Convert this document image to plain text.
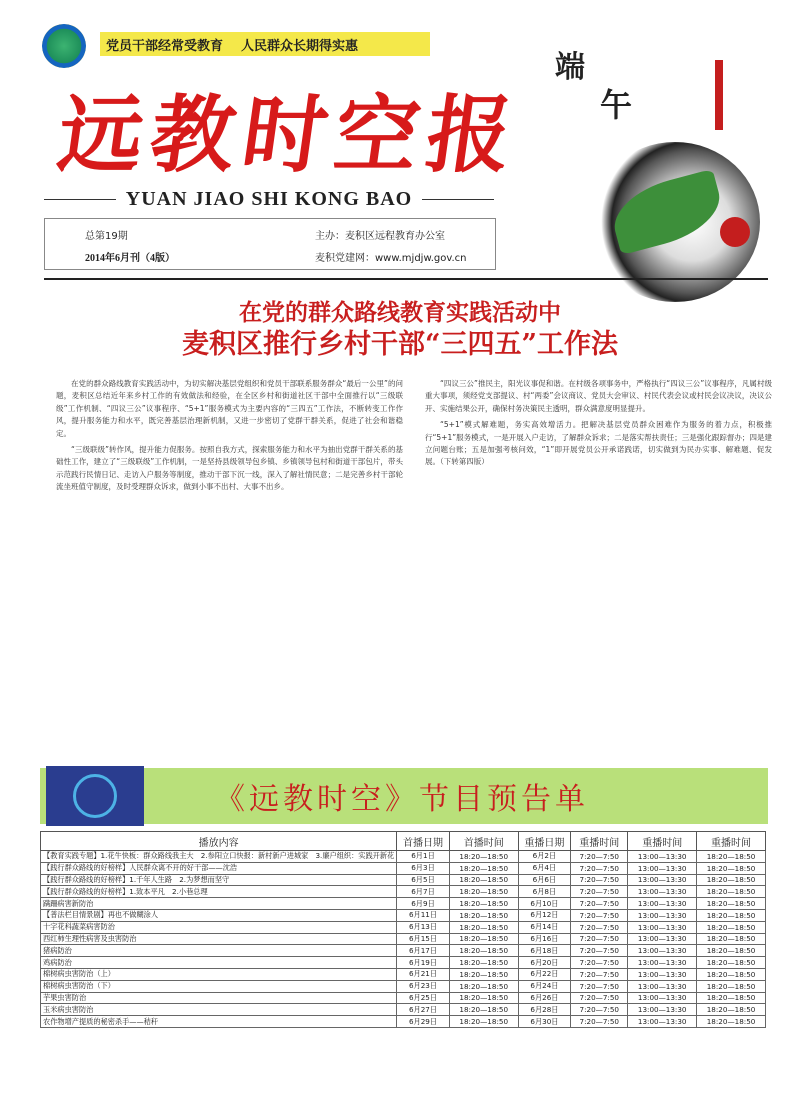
党员干部经常受教育 人民群众长期得实惠
远教时空报
YUAN JIAO SHI KONG BAO
总第19期
2014年6月刊（4版）
主办：麦积区远程教育办公室
麦积党建网：www.mjdjw.gov.cn
端
午
在党的群众路线教育实践活动中
麦积区推行乡村干部“三四五”工作法

在党的群众路线教育实践活动中，为切实解决基层党组织和党员干部联系服务群众“最后一公里”的问题，麦积区总结近年来乡村工作的有效做法和经验，在全区乡村和街道社区干部中全面推行以“三级联级”工作机制、“四议三公”议事程序、“5+1”服务模式为主要内容的“三四五”工作法，不断转变工作作风，提升服务能力和水平，既完善基层治理新机制，又进一步密切了党群干群关系，促进了社会和谐稳定。

“三级联级”转作风，提升能力促服务。按照自我方式，探索服务能力和水平为抽出党群干群关系的基础性工作，建立了“三级联级”工作机制，一是坚持县级领导包乡镇、乡镇领导包村和街道干部包片，带头示范践行民情日记、走访入户服务等制度，推动干部下沉一线，深入了解社情民意；二是完善乡村干部轮流坐班值守制度，及时受理群众诉求，做到小事不出村、大事不出乡。

“四议三公”推民主，阳光议事促和谐。在村级各项事务中，严格执行“四议三公”议事程序，凡属村级重大事项，须经党支部提议、村“两委”会议商议、党员大会审议、村民代表会议或村民会议决议，决议公开、实施结果公开，确保村务决策民主透明，群众满意度明显提升。

“5+1”模式解难题，务实高效增活力。把解决基层党员群众困难作为服务的着力点，积极推行“5+1”服务模式，一是开展入户走访，了解群众诉求；二是落实帮扶责任；三是强化跟踪督办；四是建立问题台账；五是加强考核问效，“1”即开展党员公开承诺践诺，切实做到为民办实事、解难题、促发展。（下转第四版）

《远教时空》节目预告单
播放内容	首播日期	首播时间	重播日期	重播时间	重播时间	重播时间
【教育实践专题】1.花牛快板：群众路线我主大　2.参阳立口快报：新村新户进城家　3.廉户组织：实践开新花	6月1日	18:20—18:50	6月2日	7:20—7:50	13:00—13:30	18:20—18:50
【践行群众路线的好榜样】人民群众离不开的好干部——沈浩	6月3日	18:20—18:50	6月4日	7:20—7:50	13:00—13:30	18:20—18:50
【践行群众路线的好榜样】1.千年人生路　2.为梦想而坚守	6月5日	18:20—18:50	6月6日	7:20—7:50	13:00—13:30	18:20—18:50
【践行群众路线的好榜样】1.致本平凡　2.小巷总理	6月7日	18:20—18:50	6月8日	7:20—7:50	13:00—13:30	18:20—18:50
蹒跚病害新防治	6月9日	18:20—18:50	6月10日	7:20—7:50	13:00—13:30	18:20—18:50
【普法栏目情景剧】再也不做糊涂人	6月11日	18:20—18:50	6月12日	7:20—7:50	13:00—13:30	18:20—18:50
十字花科蔬菜病害防治	6月13日	18:20—18:50	6月14日	7:20—7:50	13:00—13:30	18:20—18:50
西红柿生理性病害及虫害防治	6月15日	18:20—18:50	6月16日	7:20—7:50	13:00—13:30	18:20—18:50
猪病防治	6月17日	18:20—18:50	6月18日	7:20—7:50	13:00—13:30	18:20—18:50
鸡病防治	6月19日	18:20—18:50	6月20日	7:20—7:50	13:00—13:30	18:20—18:50
棉树病虫害防治（上）	6月21日	18:20—18:50	6月22日	7:20—7:50	13:00—13:30	18:20—18:50
棉树病虫害防治（下）	6月23日	18:20—18:50	6月24日	7:20—7:50	13:00—13:30	18:20—18:50
芋果虫害防治	6月25日	18:20—18:50	6月26日	7:20—7:50	13:00—13:30	18:20—18:50
玉米病虫害防治	6月27日	18:20—18:50	6月28日	7:20—7:50	13:00—13:30	18:20—18:50
农作物增产提质的秘密杀手——秸秆	6月29日	18:20—18:50	6月30日	7:20—7:50	13:00—13:30	18:20—18:50
